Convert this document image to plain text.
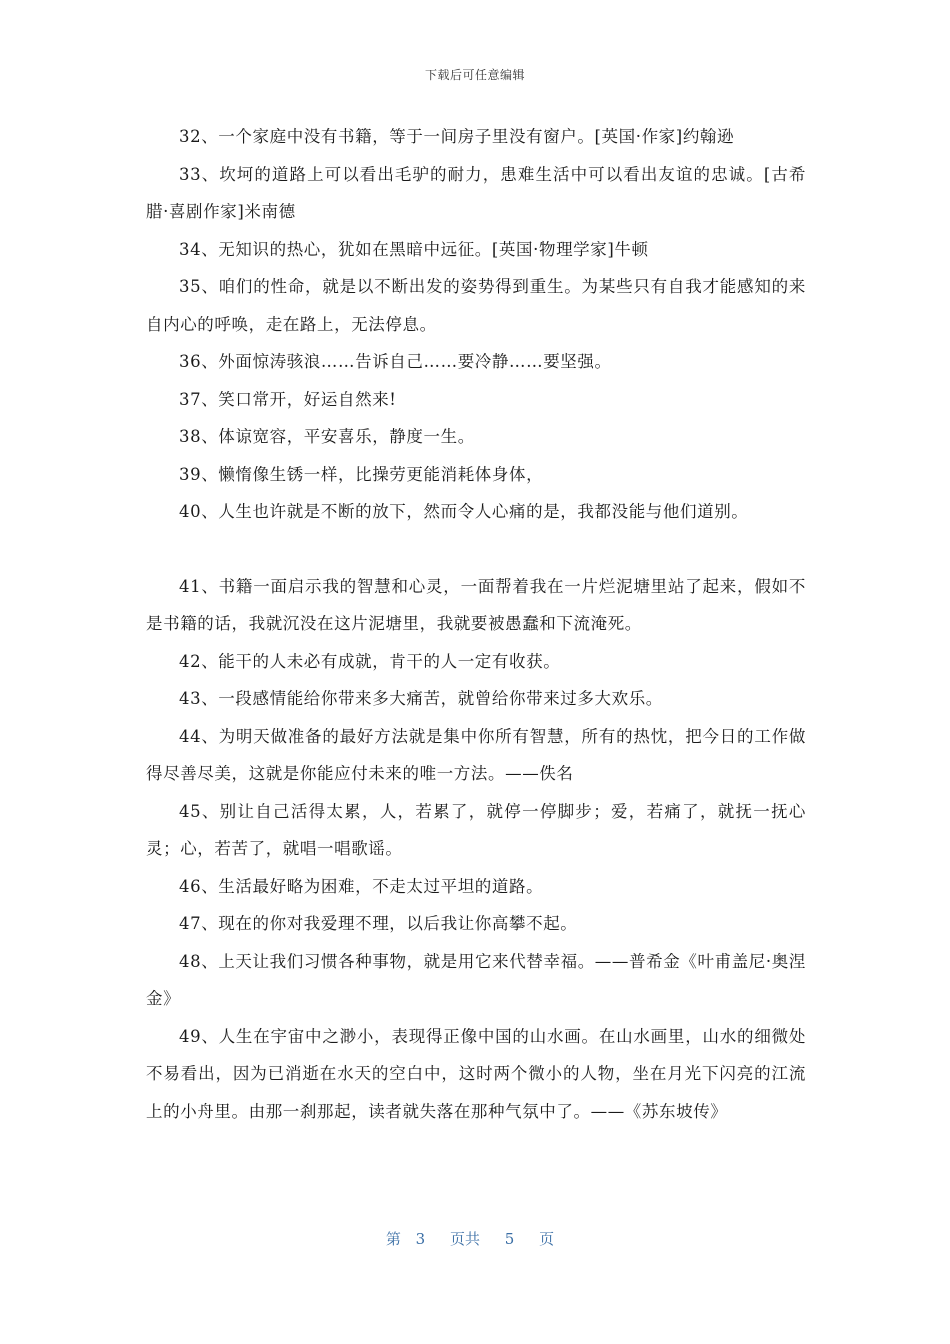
下载后可任意编辑

32、一个家庭中没有书籍，等于一间房子里没有窗户。[英国·作家]约翰逊

33、坎坷的道路上可以看出毛驴的耐力，患难生活中可以看出友谊的忠诚。[古希腊·喜剧作家]米南德

34、无知识的热心，犹如在黑暗中远征。[英国·物理学家]牛顿

35、咱们的性命，就是以不断出发的姿势得到重生。为某些只有自我才能感知的来自内心的呼唤，走在路上，无法停息。

36、外面惊涛骇浪……告诉自己……要冷静……要坚强。

37、笑口常开，好运自然来!

38、体谅宽容，平安喜乐，静度一生。

39、懒惰像生锈一样，比操劳更能消耗体身体，

40、人生也许就是不断的放下，然而令人心痛的是，我都没能与他们道别。

41、书籍一面启示我的智慧和心灵，一面帮着我在一片烂泥塘里站了起来，假如不是书籍的话，我就沉没在这片泥塘里，我就要被愚蠢和下流淹死。

42、能干的人未必有成就，肯干的人一定有收获。

43、一段感情能给你带来多大痛苦，就曾给你带来过多大欢乐。

44、为明天做准备的最好方法就是集中你所有智慧，所有的热忱，把今日的工作做得尽善尽美，这就是你能应付未来的唯一方法。——佚名

45、别让自己活得太累，人，若累了，就停一停脚步；爱，若痛了，就抚一抚心灵；心，若苦了，就唱一唱歌谣。

46、生活最好略为困难，不走太过平坦的道路。

47、现在的你对我爱理不理，以后我让你高攀不起。

48、上天让我们习惯各种事物，就是用它来代替幸福。——普希金《叶甫盖尼·奥涅金》

49、人生在宇宙中之渺小，表现得正像中国的山水画。在山水画里，山水的细微处不易看出，因为已消逝在水天的空白中，这时两个微小的人物，坐在月光下闪亮的江流上的小舟里。由那一刹那起，读者就失落在那种气氛中了。——《苏东坡传》

第 3 页共 5 页
